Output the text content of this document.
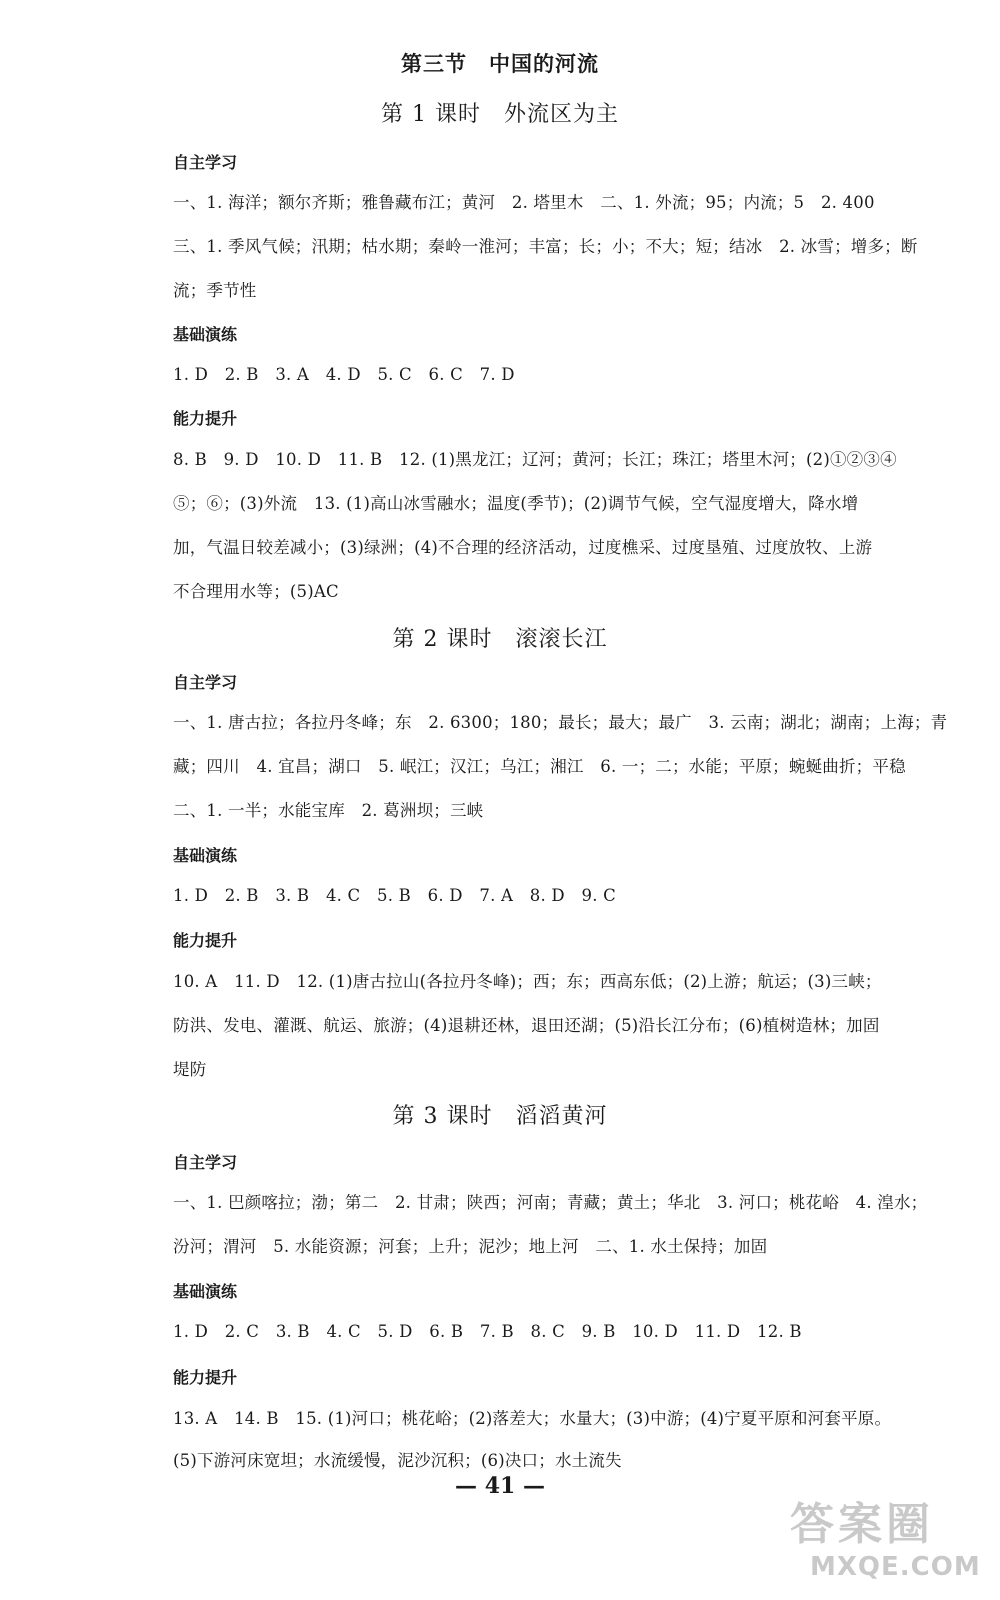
第三节　中国的河流
第 1 课时　外流区为主
自主学习
一、1. 海洋；额尔齐斯；雅鲁藏布江；黄河　2. 塔里木　二、1. 外流；95；内流；5　2. 400
三、1. 季风气候；汛期；枯水期；秦岭一淮河；丰富；长；小；不大；短；结冰　2. 冰雪；增多；断
流；季节性
基础演练
1. D　2. B　3. A　4. D　5. C　6. C　7. D
能力提升
8. B　9. D　10. D　11. B　12. (1)黑龙江；辽河；黄河；长江；珠江；塔里木河；(2)①②③④
⑤；⑥；(3)外流　13. (1)高山冰雪融水；温度(季节)；(2)调节气候，空气湿度增大，降水增
加，气温日较差减小；(3)绿洲；(4)不合理的经济活动，过度樵采、过度垦殖、过度放牧、上游
不合理用水等；(5)AC
第 2 课时　滚滚长江
自主学习
一、1. 唐古拉；各拉丹冬峰；东　2. 6300；180；最长；最大；最广　3. 云南；湖北；湖南；上海；青
藏；四川　4. 宜昌；湖口　5. 岷江；汉江；乌江；湘江　6. 一；二；水能；平原；蜿蜒曲折；平稳
二、1. 一半；水能宝库　2. 葛洲坝；三峡
基础演练
1. D　2. B　3. B　4. C　5. B　6. D　7. A　8. D　9. C
能力提升
10. A　11. D　12. (1)唐古拉山(各拉丹冬峰)；西；东；西高东低；(2)上游；航运；(3)三峡；
防洪、发电、灌溉、航运、旅游；(4)退耕还林，退田还湖；(5)沿长江分布；(6)植树造林；加固
堤防
第 3 课时　滔滔黄河
自主学习
一、1. 巴颜喀拉；渤；第二　2. 甘肃；陕西；河南；青藏；黄土；华北　3. 河口；桃花峪　4. 湟水；
汾河；渭河　5. 水能资源；河套；上升；泥沙；地上河　二、1. 水土保持；加固
基础演练
1. D　2. C　3. B　4. C　5. D　6. B　7. B　8. C　9. B　10. D　11. D　12. B
能力提升
13. A　14. B　15. (1)河口；桃花峪；(2)落差大；水量大；(3)中游；(4)宁夏平原和河套平原。
(5)下游河床宽坦；水流缓慢，泥沙沉积；(6)决口；水土流失
— 41 —
答案圈
MXQE.COM
